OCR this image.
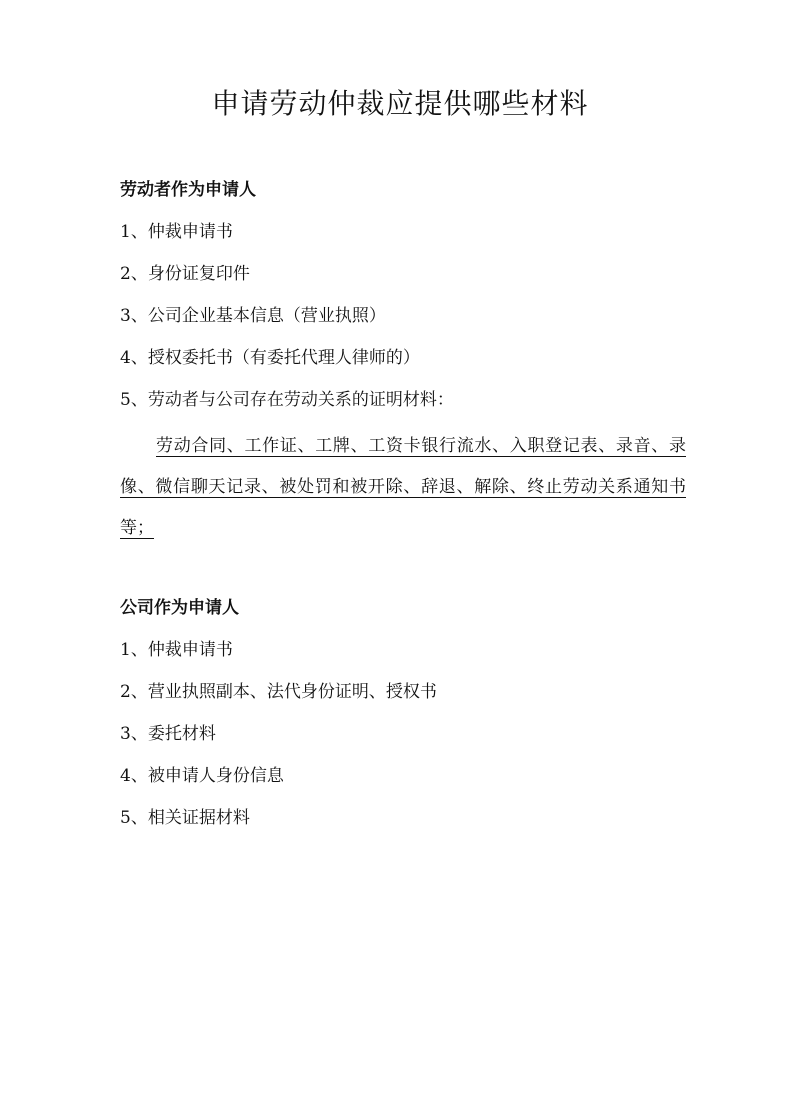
申请劳动仲裁应提供哪些材料
劳动者作为申请人
1、仲裁申请书
2、身份证复印件
3、公司企业基本信息（营业执照）
4、授权委托书（有委托代理人律师的）
5、劳动者与公司存在劳动关系的证明材料：

劳动合同、工作证、工牌、工资卡银行流水、入职登记表、录音、录像、微信聊天记录、被处罚和被开除、辞退、解除、终止劳动关系通知书等；

公司作为申请人
1、仲裁申请书
2、营业执照副本、法代身份证明、授权书
3、委托材料
4、被申请人身份信息
5、相关证据材料
